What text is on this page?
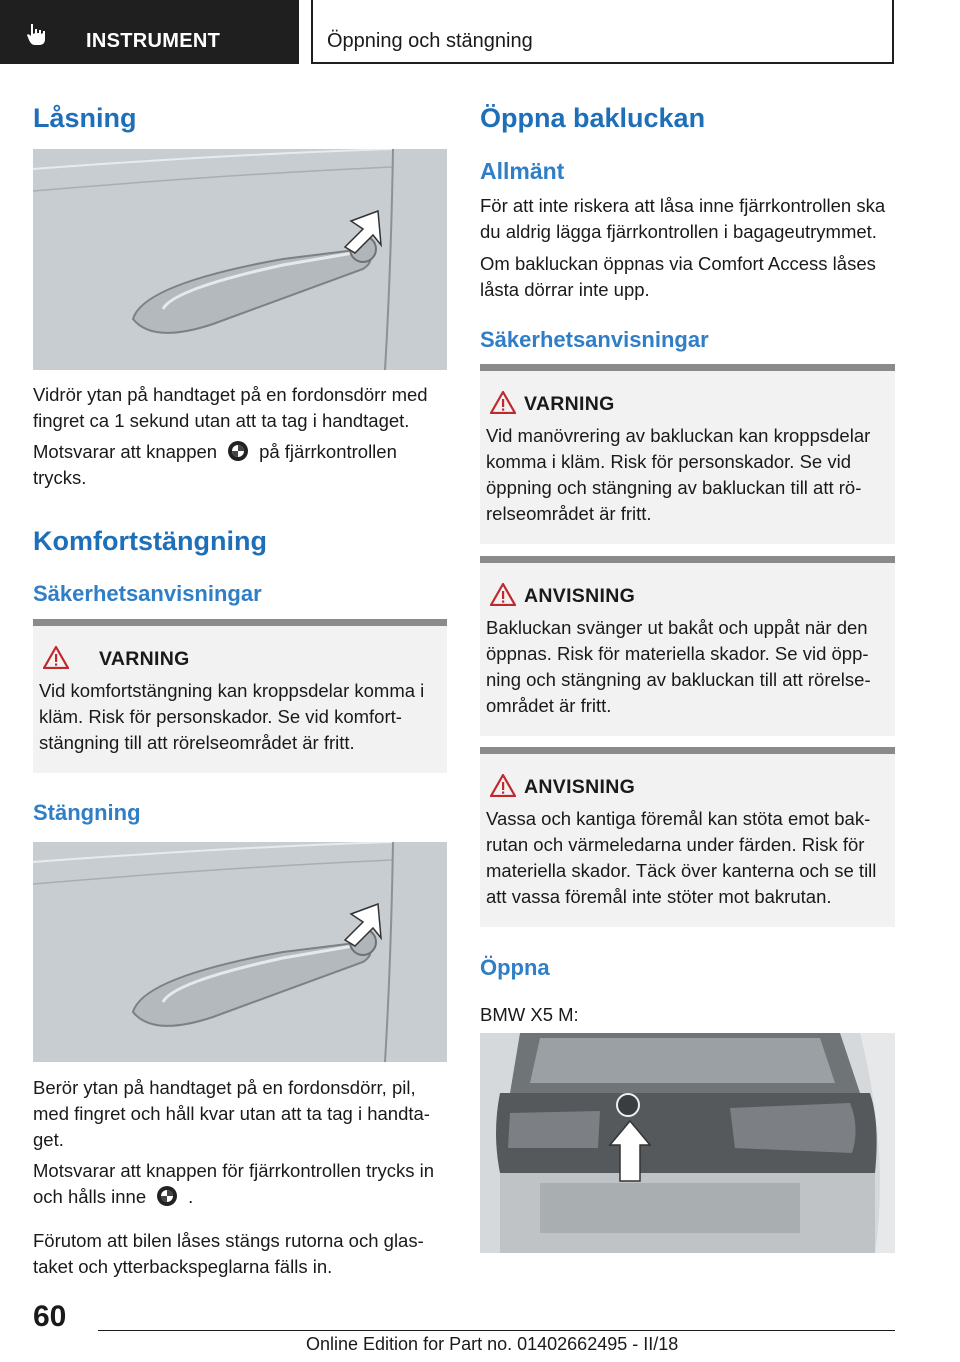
INSTRUMENT	Öppning och stängning
Låsning

Vidrör ytan på handtaget på en fordonsdörr med fingret ca 1 sekund utan att ta tag i handtaget.

Motsvarar att knappen på fjärrkontrollen
trycks.

Komfortstängning
Säkerhetsanvisningar
VARNING

Vid komfortstängning kan kroppsdelar komma i kläm. Risk för personskador. Se vid komfortstängning till att rörelseområdet är fritt.

Stängning

Berör ytan på handtaget på en fordonsdörr, pil, med fingret och håll kvar utan att ta tag i handtaget.

Motsvarar att knappen för fjärrkontrollen trycks in
och hålls inne .

Förutom att bilen låses stängs rutorna och glastaket och ytterbackspeglarna fälls in.

Öppna bakluckan
Allmänt

För att inte riskera att låsa inne fjärrkontrollen ska du aldrig lägga fjärrkontrollen i bagageutrymmet.

Om bakluckan öppnas via Comfort Access låses låsta dörrar inte upp.

Säkerhetsanvisningar
VARNING

Vid manövrering av bakluckan kan kroppsdelar komma i kläm. Risk för personskador. Se vid öppning och stängning av bakluckan till att rörelseområdet är fritt.

ANVISNING

Bakluckan svänger ut bakåt och uppåt när den öppnas. Risk för materiella skador. Se vid öppning och stängning av bakluckan till att rörelseområdet är fritt.

ANVISNING

Vassa och kantiga föremål kan stöta emot bakrutan och värmeledarna under färden. Risk för materiella skador. Täck över kanterna och se till att vassa föremål inte stöter mot bakrutan.

Öppna

BMW X5 M:

60
Online Edition for Part no. 01402662495 - II/18
